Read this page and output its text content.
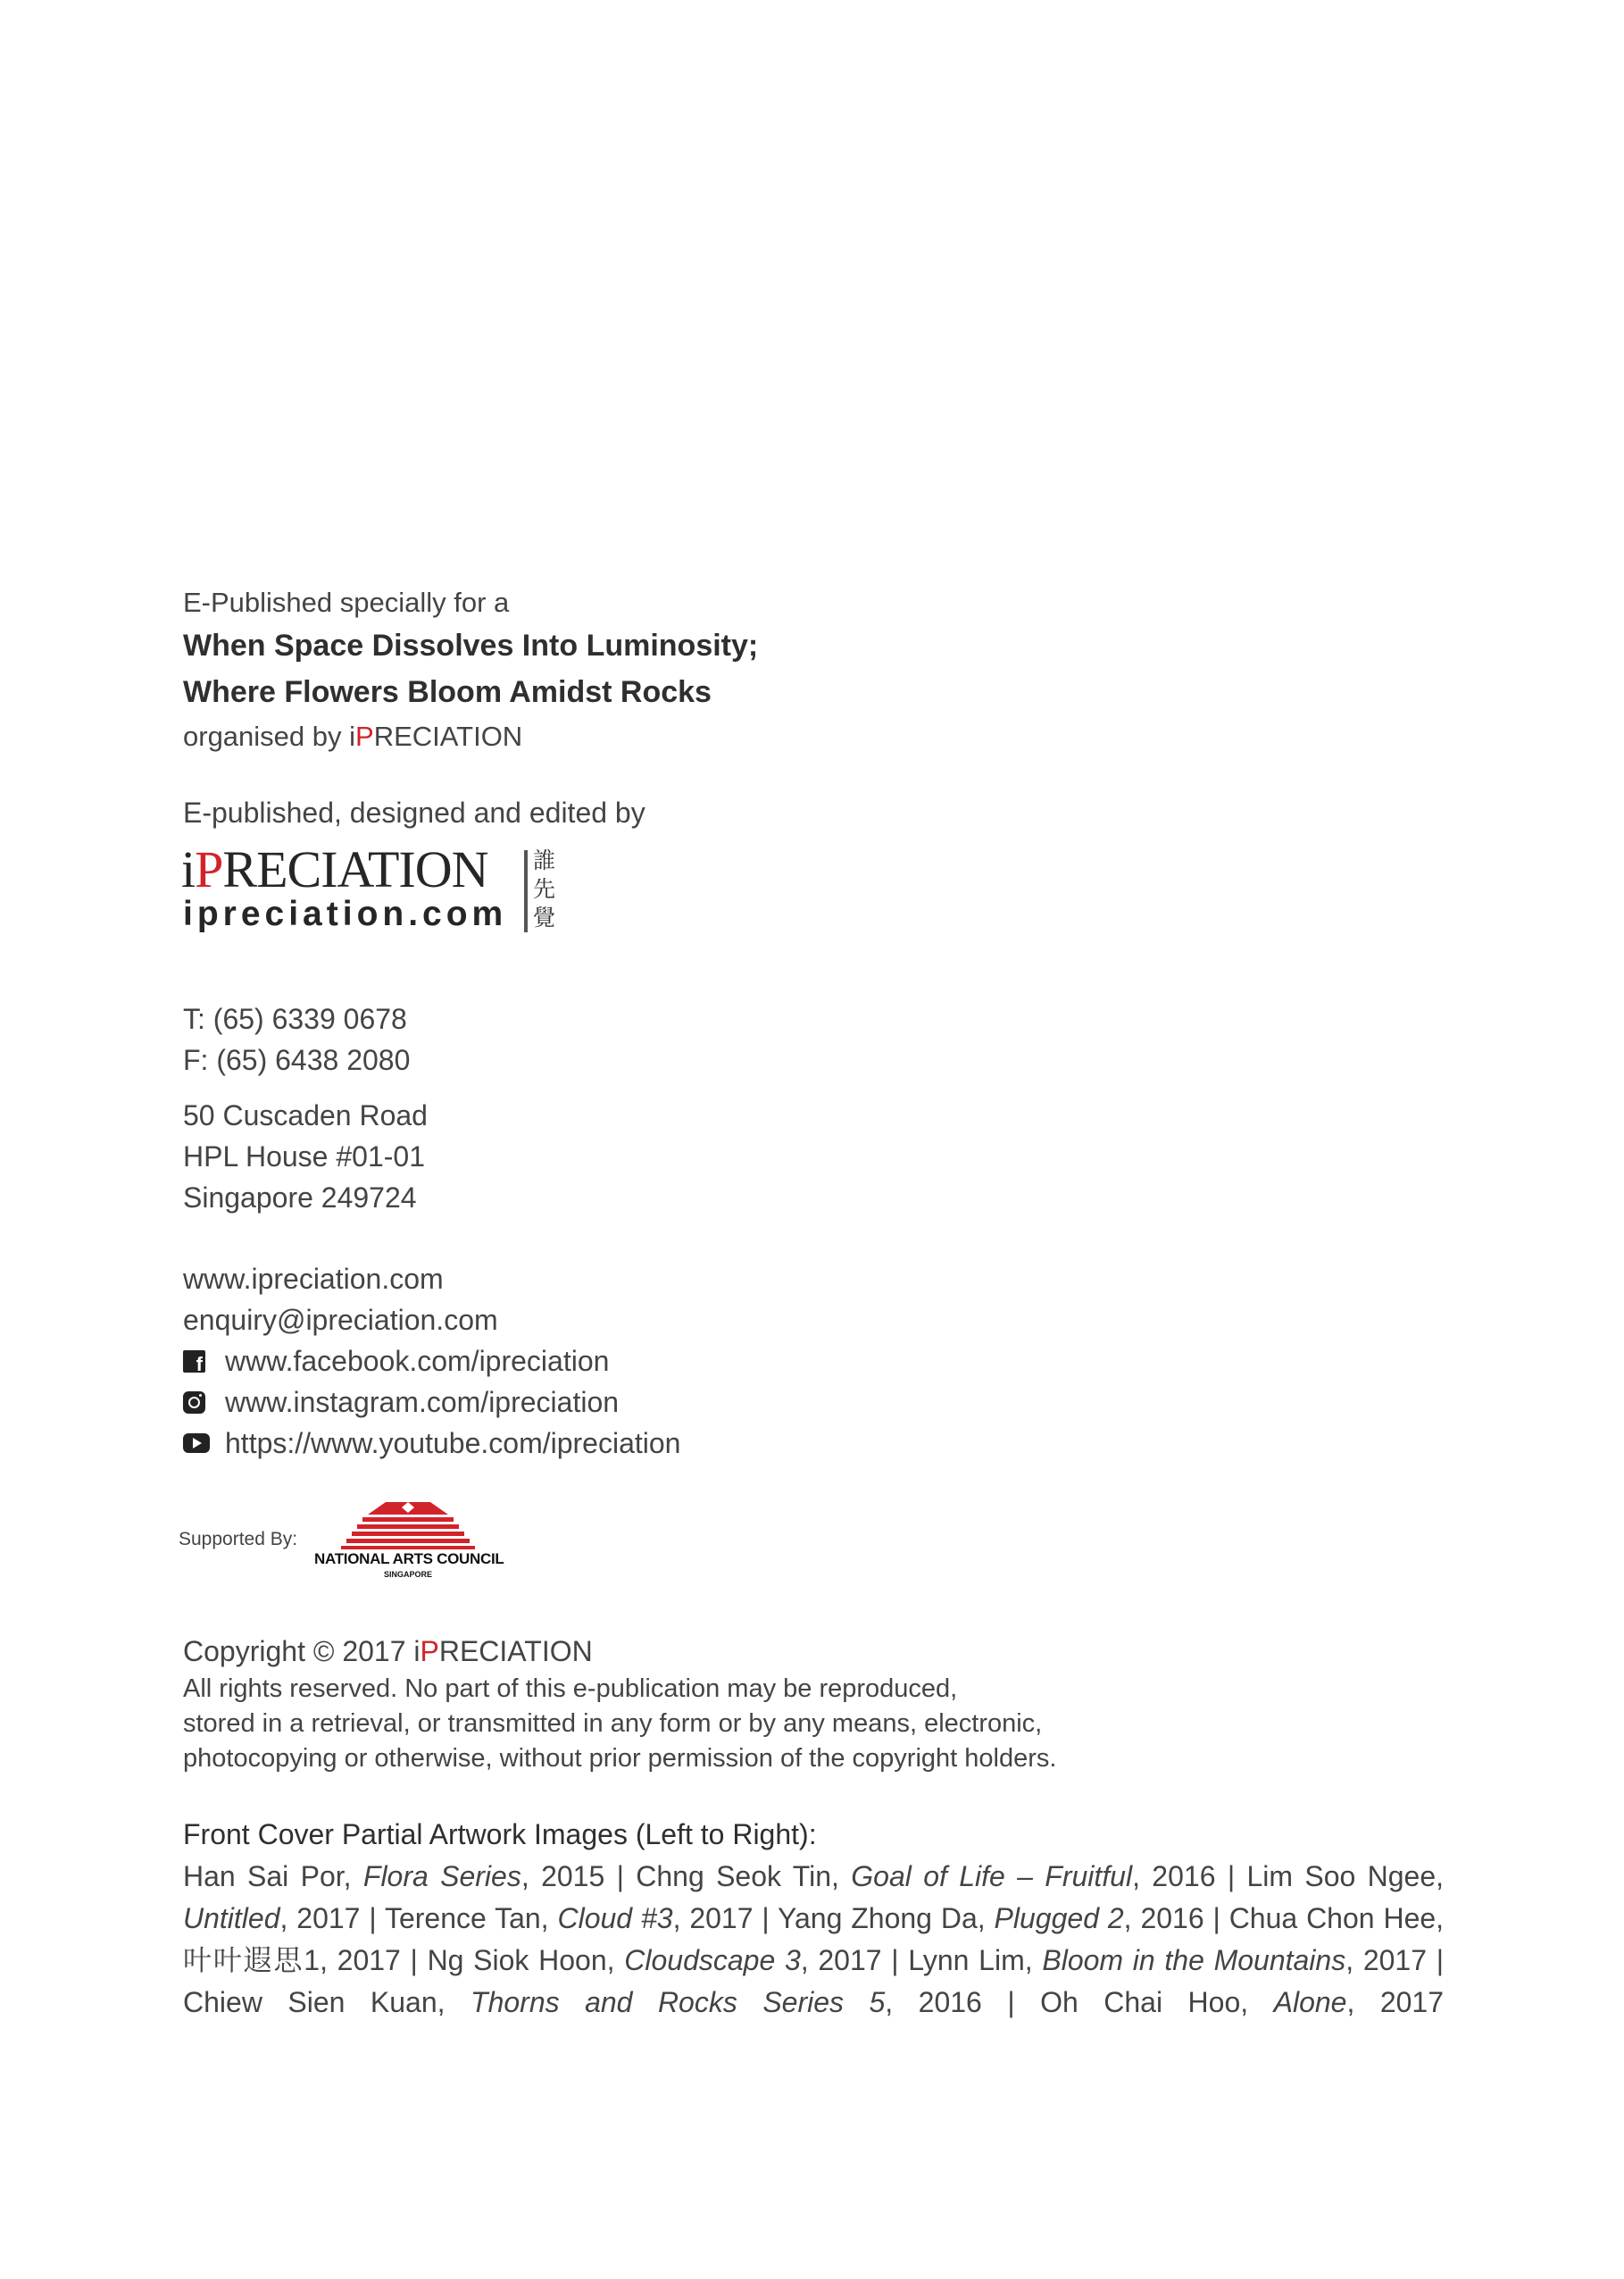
E-Published specially for a
When Space Dissolves Into Luminosity;
Where Flowers Bloom Amidst Rocks
organised by iPRECIATION
E-published, designed and edited by
iPRECIATION
ipreciation.com
誰
先
覺
T: (65) 6339 0678
F: (65) 6438 2080
50 Cuscaden Road
HPL House #01-01
Singapore 249724
www.ipreciation.com
enquiry@ipreciation.com
f www.facebook.com/ipreciation
www.instagram.com/ipreciation
https://www.youtube.com/ipreciation
Supported By:
NATIONAL ARTS COUNCIL
SINGAPORE
Copyright © 2017 iPRECIATION
All rights reserved. No part of this e-publication may be reproduced,
stored in a retrieval, or transmitted in any form or by any means, electronic,
photocopying or otherwise, without prior permission of the copyright holders.
Front Cover Partial Artwork Images (Left to Right):
Han Sai Por, Flora Series, 2015 | Chng Seok Tin, Goal of Life – Fruitful, 2016 | Lim Soo Ngee, Untitled, 2017 | Terence Tan, Cloud #3, 2017 | Yang Zhong Da, Plugged 2, 2016 | Chua Chon Hee, 叶叶遐思1, 2017 | Ng Siok Hoon, Cloudscape 3, 2017 | Lynn Lim, Bloom in the Mountains, 2017 | Chiew Sien Kuan, Thorns and Rocks Series 5, 2016 | Oh Chai Hoo, Alone, 2017
